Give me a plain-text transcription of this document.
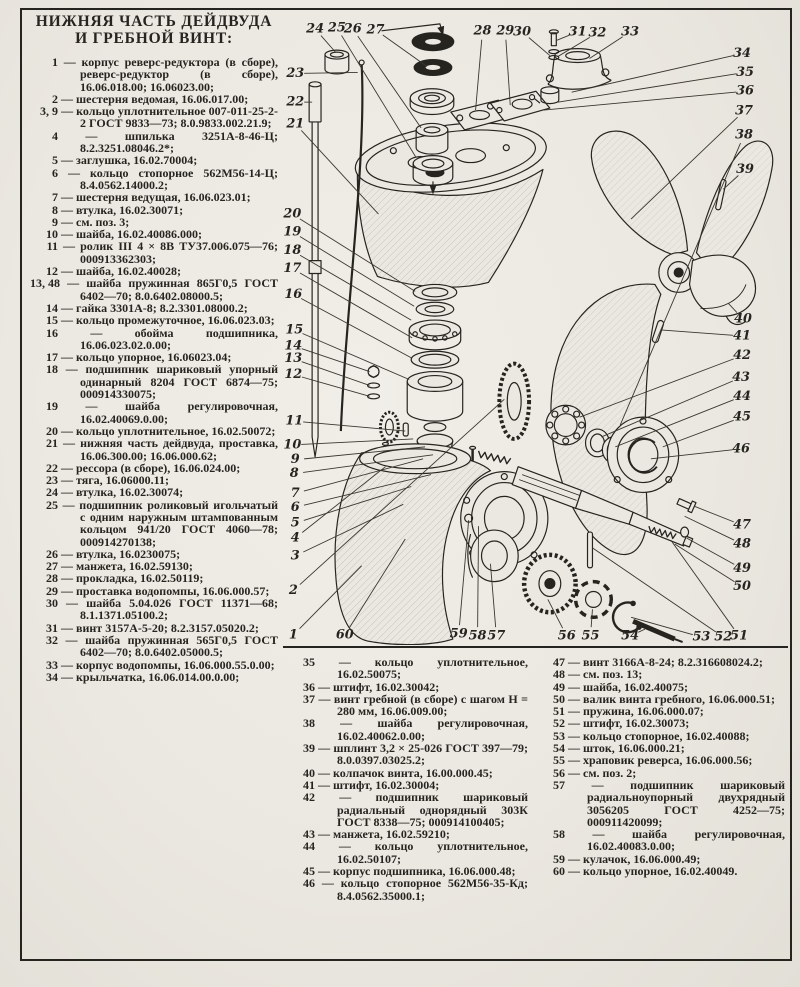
НИЖНЯЯ ЧАСТЬ ДЕЙДВУДА
И ГРЕБНОЙ ВИНТ:
1 — корпус реверс-редуктора (в сборе), реверс-редуктор (в сборе), 16.06.018.00; 16.06023.00;
2 — шестерня ведомая, 16.06.017.00;
3, 9 — кольцо уплотнительное 007-011-25-2-2 ГОСТ 9833—73; 8.0.9833.002.21.9;
4 — шпилька 3251А-8-46-Ц; 8.2.3251.08046.2*;
5 — заглушка, 16.02.70004;
6 — кольцо стопорное 562М56-14-Ц; 8.4.0562.14000.2;
7 — шестерня ведущая, 16.06.023.01;
8 — втулка, 16.02.30071;
9 — см. поз. 3;
10 — шайба, 16.02.40086.000;
11 — ролик III 4 × 8В ТУ37.006.075—76; 000913362303;
12 — шайба, 16.02.40028;
13, 48 — шайба пружинная 865Г0,5 ГОСТ 6402—70; 8.0.6402.08000.5;
14 — гайка 3301А-8; 8.2.3301.08000.2;
15 — кольцо промежуточное, 16.06.023.03;
16 — обойма подшипника, 16.06.023.02.0.00;
17 — кольцо упорное, 16.06023.04;
18 — подшипник шариковый упорный одинарный 8204 ГОСТ 6874—75; 000914330075;
19 — шайба регулировочная, 16.02.40069.0.00;
20 — кольцо уплотнительное, 16.02.50072;
21 — нижняя часть дейдвуда, проставка, 16.06.300.00; 16.06.000.62;
22 — рессора (в сборе), 16.06.024.00;
23 — тяга, 16.06000.11;
24 — втулка, 16.02.30074;
25 — подшипник роликовый игольчатый с одним наружным штампованным кольцом 941/20 ГОСТ 4060—78; 000914270138;
26 — втулка, 16.0230075;
27 — манжета, 16.02.59130;
28 — прокладка, 16.02.50119;
29 — проставка водопомпы, 16.06.000.57;
30 — шайба 5.04.026 ГОСТ 11371—68; 8.1.1371.05100.2;
31 — винт 3157А-5-20; 8.2.3157.05020.2;
32 — шайба пружинная 565Г0,5 ГОСТ 6402—70; 8.0.6402.05000.5;
33 — корпус водопомпы, 16.06.000.55.0.00;
34 — крыльчатка, 16.06.014.00.0.00;
24 25
26 27	28 29
30	31 32 33
34
35
36
37
38
39
40
41
42
43
44
45
46
47
48
49
50
51
52
53
54
55
56
57
58
59
60
1
2
3
4
5
6
7
8
9
10
11
12
13
14
15
16
17
18
19
20
21
22
23
35 — кольцо уплотнительное, 16.02.50075;
36 — штифт, 16.02.30042;
37 — винт гребной (в сборе) с шагом Н = 280 мм, 16.06.009.00;
38 — шайба регулировочная, 16.02.40062.0.00;
39 — шплинт 3,2 × 25-026 ГОСТ 397—79; 8.0.0397.03025.2;
40 — колпачок винта, 16.00.000.45;
41 — штифт, 16.02.30004;
42 — подшипник шариковый радиальный однорядный 303К ГОСТ 8338—75; 000914100405;
43 — манжета, 16.02.59210;
44 — кольцо уплотнительное, 16.02.50107;
45 — корпус подшипника, 16.06.000.48;
46 — кольцо стопорное 562М56-35-Кд; 8.4.0562.35000.1;
47 — винт 3166А-8-24; 8.2.316608024.2;
48 — см. поз. 13;
49 — шайба, 16.02.40075;
50 — валик винта гребного, 16.06.000.51;
51 — пружина, 16.06.000.07;
52 — штифт, 16.02.30073;
53 — кольцо стопорное, 16.02.40088;
54 — шток, 16.06.000.21;
55 — храповик реверса, 16.06.000.56;
56 — см. поз. 2;
57 — подшипник шариковый радиальноупорный двухрядный 3056205 ГОСТ 4252—75; 000911420099;
58 — шайба регулировочная, 16.02.40083.0.00;
59 — кулачок, 16.06.000.49;
60 — кольцо упорное, 16.02.40049.
